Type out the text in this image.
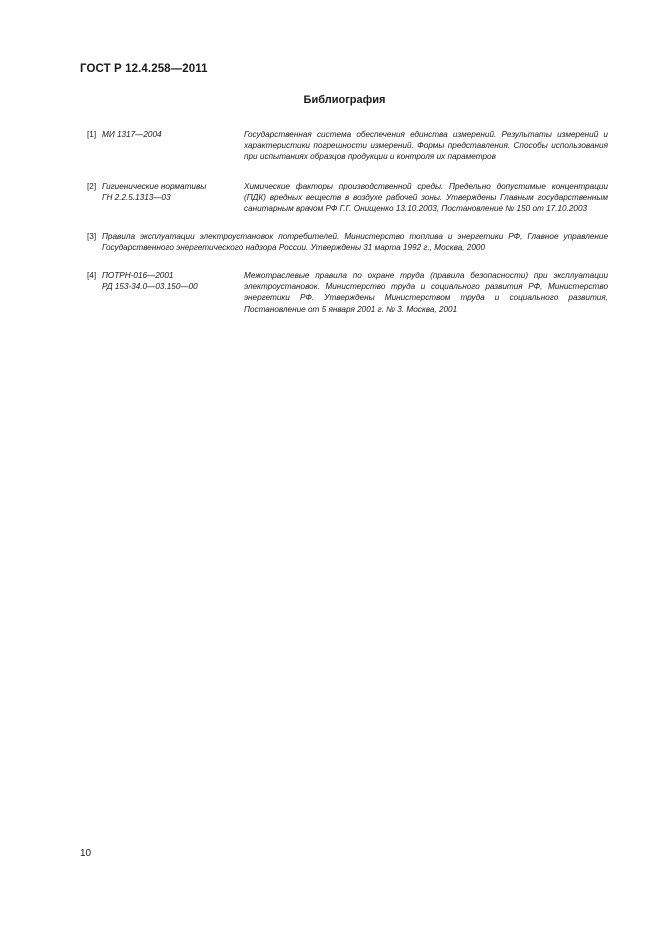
ГОСТ Р 12.4.258—2011
Библиография
[1] МИ 1317—2004	Государственная система обеспечения единства измерений. Результаты измерений и характеристики погрешности измерений. Формы представления. Способы использования при испытаниях образцов продукции и контроля их параметров
[2] Гигиенические нормативы
ГН 2.2.5.1313—03
Химические факторы производственной среды. Предельно допустимые концентрации (ПДК) вредных веществ в воздухе рабочей зоны. Утверждены Главным государственным санитарным врачом РФ Г.Г. Онищенко 13.10.2003, Постановление № 150 от 17.10.2003
[3] Правила эксплуатации электроустановок потребителей. Министерство топлива и энергетики РФ, Главное управление Госудapcтвенного энергетического надзора России. Утверждены 31 марта 1992 г., Москва, 2000
[4] ПОТРН-016—2001
РД 153-34.0—03.150—00
Межотраслевые правила по охране труда (правила безопасности) при эксплуатации электроустановок. Министерство труда и социального развития РФ, Министерство энергетики РФ. Утверждены Министерством труда и социального развития, Постановление от 5 января 2001 г. № 3. Москва, 2001
10
